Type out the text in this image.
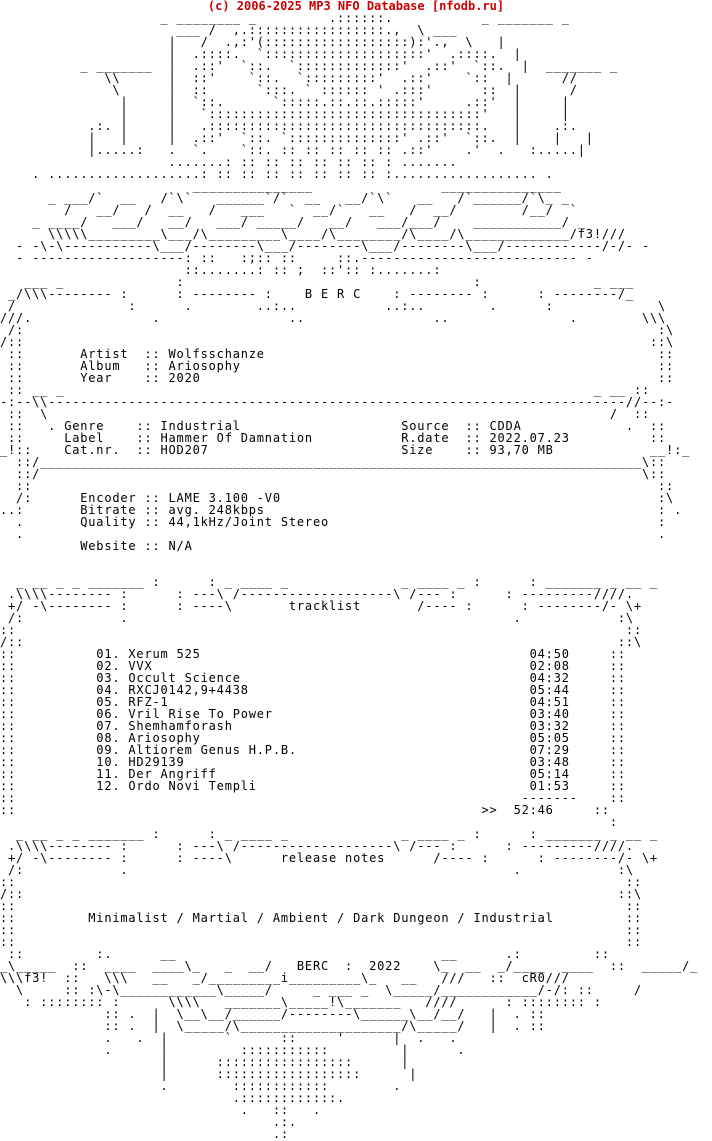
(c) 2006-2025 MP3 NFO Database [nfodb.ru]
_ ________ _         .::::::.           _ _______ _
___ /  ,.:::::::::::::::::.,  \ ___
|   /  .,:'(::::::::::::::::::):'.,  \   |
|  .::::.  `::::::::::::::::::::'  .::::.  |
_ _______  |  .::'  `::.  `:::::::::::::'  .::'  `::.  |  _______ _
\\      |  ::'    `::.  `:::::::::'  .::'    `::  |      //
\      |  ::      `:::. ` :::::: ' .:::'      ::  |      /
|     |  `::.      `:::::.::.::.:::::'     .::'  |     |
|     |   `::::::::::::::::::::::::::::::::::'   |     |
.:. |     |   .::::::::::::::::::::::::::::::::::.   |    .:.
|   |     |  .::'  `::. `::::::::::::::' .::'  `::.  |    |   |
|.....:   .  `.    `::. :: :: :: :: :: .::'    .'  .   :.....|
.......: :: :: :: :: :: :: : .......
. ...................: :: :: :: :: :: :: :: :.................. .
_______________                _______________
_ ___/`  __   /`\`   ______`/`  __   __/`\`   __   /`______/`\_ _
/   __/   /  __   /   ___   `  __/`   __   /  __/        /__/  `
_ ____/   ___/   __/   ___/ _____/   __/   ___/___/    ___________/ _
\\\\\_________\___/\_________\____/\________/\____/\_____________/f3!///
- -\-\-----------\___/--------\___/--------\___/--------\___/------------/-/- -
- -------------------: ::   :;:: ::     ::.--------------------------- -
::.......: :: ;  ::':: :.......:
___ _              :                                    :              _ ___
_/\\\-------- :      : -------- :    B E R C    : -------- :      : --------/_
/              :      .        ..:..           ..:..        .      :             \
///.               .                ..                ..               .        \\\
/:                                                                               :\
/::                                                                              ::\
::       Artist  :: Wolfsschanze                                                 ::
::       Album   :: Ariosophy                                                    ::
::       Year    :: 2020                                                         ::
:: __ _                                                                  _ __ ::
-:--\\------------------------------------------------------------------------//--:-
::  \                                                                      /  ::
::   . Genre    :: Industrial                    Source  :: CDDA             .  ::
::     Label    :: Hammer Of Damnation           R.date  :: 2022.07.23          ::
_!::    Cat.nr.  :: HOD207                        Size    :: 93,70 MB            __!:_
::/___________________________________________________________________________\::
::/                                                                           \::
::                                                                              ::
/:      Encoder :: LAME 3.100 -V0                                               :\
..:       Bitrate :: avg. 248kbps                                                 : .
.       Quality :: 44,1kHz/Joint Stereo                                         :
.                                                                               .
Website :: N/A

_ __ _ _ _______ :      : _ ____ _              _ ____ _ :      : _______ _ __ _
.\\\\-------- :      : ---\ /-------------------\ /--- :      : ---------////.
+/ -\-------- :      : ----\       tracklist       /---- :      : --------/- \+
/:            .                                                .            :\
::                                                                            ::
/::                                                                          ::\
::          01. Xerum 525                                         04:50     ::
::          02. VVX                                               02:08     ::
::          03. Occult Science                                    04:32     ::
::          04. RXCJ0142,9+4438                                   05:44     ::
::          05. RFZ-1                                             04:51     ::
::          06. Vril Rise To Power                                03:40     ::
::          07. Shemhamforash                                     03:32     ::
::          08. Ariosophy                                         05:05     ::
::          09. Altiorem Genus H.P.B.                             07:29     ::
::          10. HD29139                                           03:48     ::
::          11. Der Angriff                                       05:14     ::
::          12. Ordo Novi Templi                                  01:53     ::
::                                                               -------    ::
::                                                          >>  52:46     ::
:
_ __ _ _ _______ :      : _ ____ _              _ ____ _ :      : _______ _ __ _
.\\\\-------- :      : ---\ /-------------------\ /--- :      : ---------////.
+/ -\-------- :      : ----\      release notes      /---- :      : --------/- \+
/:            .                                                .            :\
::                                                                            ::
/::                                                                          ::\
::                                                                            ::
::         Minimalist / Martial / Ambient / Dark Dungeon / Industrial         ::
::                                                                            ::
::                                                                            ::
::         :.      __                                 __      .:         ::
_\_____  ::  ____  ____\_   _  __/   BERC  :  2022    \_  __  _/____  ____  ::  _____/_
\\\f3!  ::   \\\   __   _/_________i_________\_   __   ///   ::  cR0///
\     :: :\-\____________\_____/     _ ___ _  \_____/____________/-/: ::     /
: :::::::: :      \\\\   _______\_____!\_______   ////      : :::::::: :
:: .  |  \__\__/______/--------\______\__/__/   |  . ::
:: .  |  \_____/\____________________/\_____/   |  . ::
.   .  |       `      ::     '      |  .   .
.      |         :::::::::::         |      .
|      :::::::::::::::::      |
|      ::::::::::::::::::      |
.        ::::::::::::        .
.::::::::::::.
.   ::   .
.:.
.:
